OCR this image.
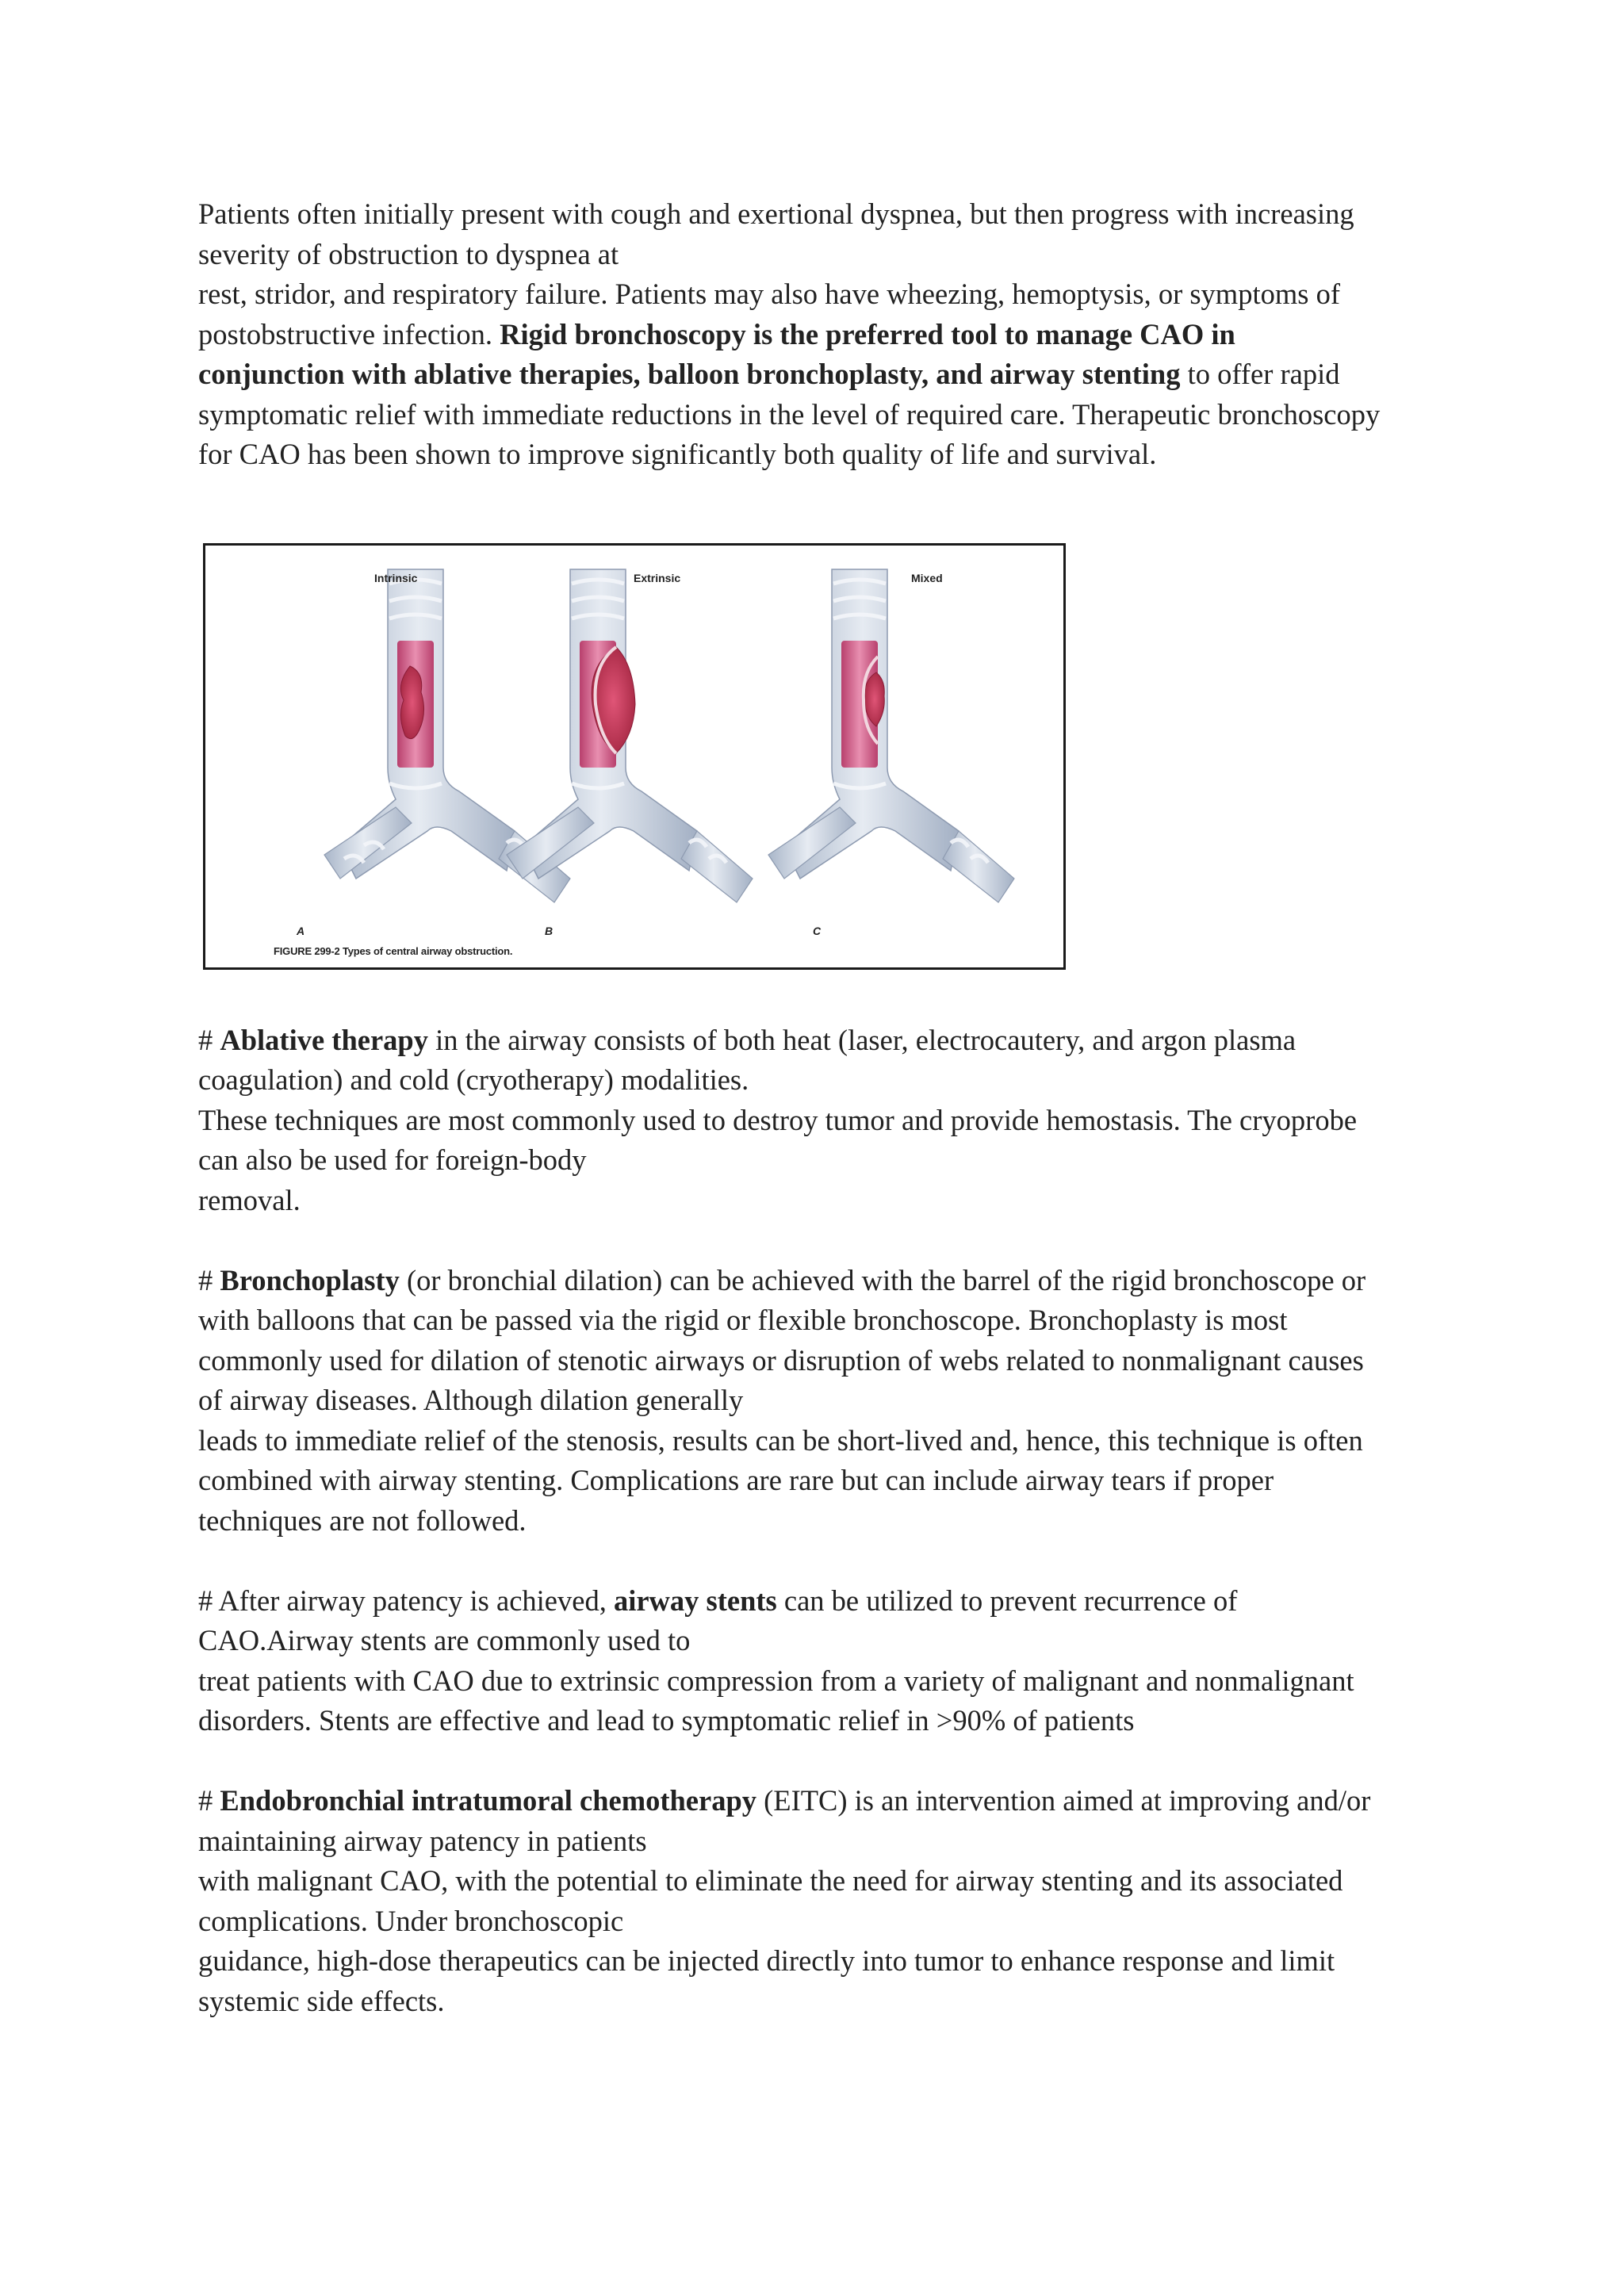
Patients often initially present with cough and exertional dyspnea, but then progress with increasing
severity of obstruction to dyspnea at
rest, stridor, and respiratory failure. Patients may also have wheezing, hemoptysis, or symptoms of
postobstructive infection. Rigid bronchoscopy is the preferred tool to manage CAO in
conjunction with ablative therapies, balloon bronchoplasty, and airway stenting to offer rapid
symptomatic relief with immediate reductions in the level of required care. Therapeutic bronchoscopy
for CAO has been shown to improve significantly both quality of life and survival.

Intrinsic	Extrinsic	Mixed
A	B	C
FIGURE 299-2 Types of central airway obstruction.

# Ablative therapy in the airway consists of both heat (laser, electrocautery, and argon plasma
coagulation) and cold (cryotherapy) modalities.
These techniques are most commonly used to destroy tumor and provide hemostasis. The cryoprobe
can also be used for foreign-body
removal.

# Bronchoplasty (or bronchial dilation) can be achieved with the barrel of the rigid bronchoscope or
with balloons that can be passed via the rigid or flexible bronchoscope. Bronchoplasty is most
commonly used for dilation of stenotic airways or disruption of webs related to nonmalignant causes
of airway diseases. Although dilation generally
leads to immediate relief of the stenosis, results can be short-lived and, hence, this technique is often
combined with airway stenting. Complications are rare but can include airway tears if proper
techniques are not followed.

# After airway patency is achieved, airway stents can be utilized to prevent recurrence of
CAO.Airway stents are commonly used to
treat patients with CAO due to extrinsic compression from a variety of malignant and nonmalignant
disorders. Stents are effective and lead to symptomatic relief in >90% of patients

# Endobronchial intratumoral chemotherapy (EITC) is an intervention aimed at improving and/or
maintaining airway patency in patients
with malignant CAO, with the potential to eliminate the need for airway stenting and its associated
complications. Under bronchoscopic
guidance, high-dose therapeutics can be injected directly into tumor to enhance response and limit
systemic side effects.
